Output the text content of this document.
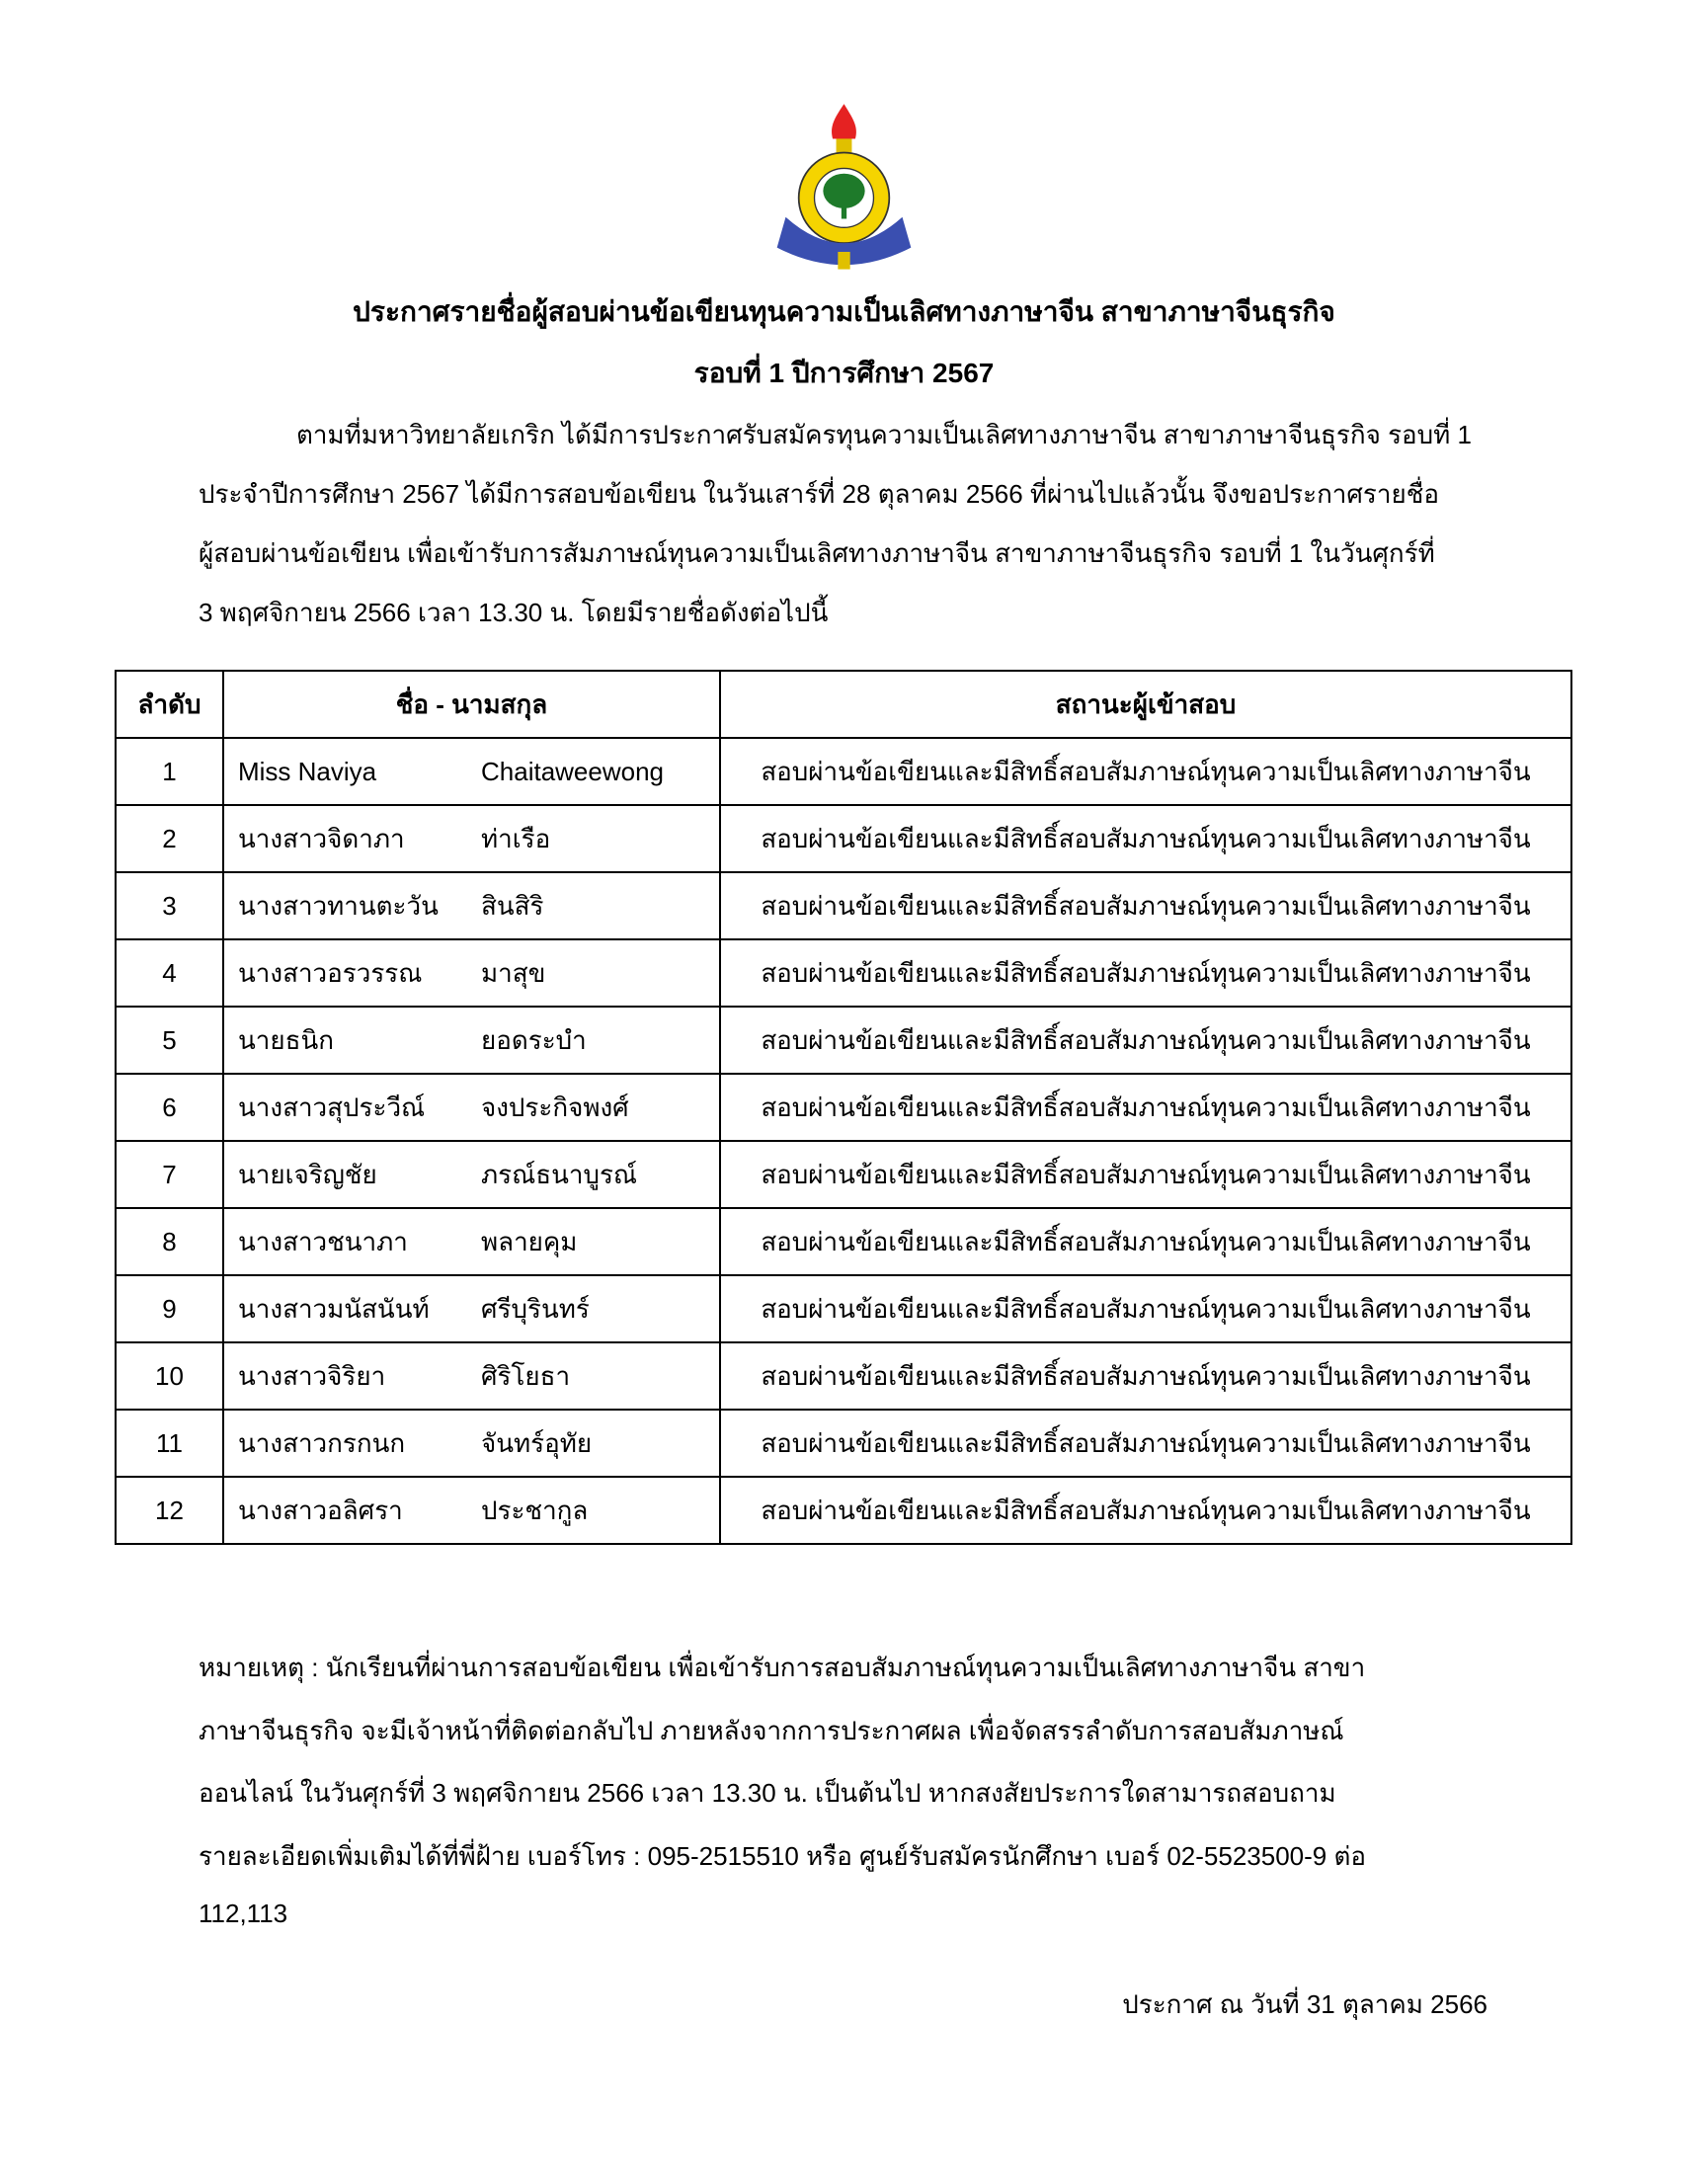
ประกาศรายชื่อผู้สอบผ่านข้อเขียนทุนความเป็นเลิศทางภาษาจีน สาขาภาษาจีนธุรกิจ
รอบที่ 1 ปีการศึกษา 2567
ตามที่มหาวิทยาลัยเกริก ได้มีการประกาศรับสมัครทุนความเป็นเลิศทางภาษาจีน สาขาภาษาจีนธุรกิจ รอบที่ 1
ประจำปีการศึกษา 2567 ได้มีการสอบข้อเขียน ในวันเสาร์ที่ 28 ตุลาคม 2566 ที่ผ่านไปแล้วนั้น จึงขอประกาศรายชื่อ
ผู้สอบผ่านข้อเขียน เพื่อเข้ารับการสัมภาษณ์ทุนความเป็นเลิศทางภาษาจีน สาขาภาษาจีนธุรกิจ รอบที่ 1 ในวันศุกร์ที่
3 พฤศจิกายน 2566 เวลา 13.30 น. โดยมีรายชื่อดังต่อไปนี้
ลำดับ	ชื่อ - นามสกุล	สถานะผู้เข้าสอบ
1	Miss Naviya Chaitaweewong	สอบผ่านข้อเขียนและมีสิทธิ์สอบสัมภาษณ์ทุนความเป็นเลิศทางภาษาจีน
2	นางสาวจิดาภา ท่าเรือ	สอบผ่านข้อเขียนและมีสิทธิ์สอบสัมภาษณ์ทุนความเป็นเลิศทางภาษาจีน
3	นางสาวทานตะวัน สินสิริ	สอบผ่านข้อเขียนและมีสิทธิ์สอบสัมภาษณ์ทุนความเป็นเลิศทางภาษาจีน
4	นางสาวอรวรรณ มาสุข	สอบผ่านข้อเขียนและมีสิทธิ์สอบสัมภาษณ์ทุนความเป็นเลิศทางภาษาจีน
5	นายธนิก ยอดระบำ	สอบผ่านข้อเขียนและมีสิทธิ์สอบสัมภาษณ์ทุนความเป็นเลิศทางภาษาจีน
6	นางสาวสุประวีณ์ จงประกิจพงศ์	สอบผ่านข้อเขียนและมีสิทธิ์สอบสัมภาษณ์ทุนความเป็นเลิศทางภาษาจีน
7	นายเจริญชัย ภรณ์ธนาบูรณ์	สอบผ่านข้อเขียนและมีสิทธิ์สอบสัมภาษณ์ทุนความเป็นเลิศทางภาษาจีน
8	นางสาวชนาภา พลายคุม	สอบผ่านข้อเขียนและมีสิทธิ์สอบสัมภาษณ์ทุนความเป็นเลิศทางภาษาจีน
9	นางสาวมนัสนันท์ ศรีบุรินทร์	สอบผ่านข้อเขียนและมีสิทธิ์สอบสัมภาษณ์ทุนความเป็นเลิศทางภาษาจีน
10	นางสาวจิริยา ศิริโยธา	สอบผ่านข้อเขียนและมีสิทธิ์สอบสัมภาษณ์ทุนความเป็นเลิศทางภาษาจีน
11	นางสาวกรกนก จันทร์อุทัย	สอบผ่านข้อเขียนและมีสิทธิ์สอบสัมภาษณ์ทุนความเป็นเลิศทางภาษาจีน
12	นางสาวอลิศรา ประชากูล	สอบผ่านข้อเขียนและมีสิทธิ์สอบสัมภาษณ์ทุนความเป็นเลิศทางภาษาจีน
หมายเหตุ : นักเรียนที่ผ่านการสอบข้อเขียน เพื่อเข้ารับการสอบสัมภาษณ์ทุนความเป็นเลิศทางภาษาจีน สาขา
ภาษาจีนธุรกิจ จะมีเจ้าหน้าที่ติดต่อกลับไป ภายหลังจากการประกาศผล เพื่อจัดสรรลำดับการสอบสัมภาษณ์
ออนไลน์ ในวันศุกร์ที่ 3 พฤศจิกายน 2566 เวลา 13.30 น. เป็นต้นไป หากสงสัยประการใดสามารถสอบถาม
รายละเอียดเพิ่มเติมได้ที่พี่ฝ้าย เบอร์โทร : 095-2515510 หรือ ศูนย์รับสมัครนักศึกษา เบอร์ 02-5523500-9 ต่อ
112,113
ประกาศ ณ วันที่ 31 ตุลาคม 2566
